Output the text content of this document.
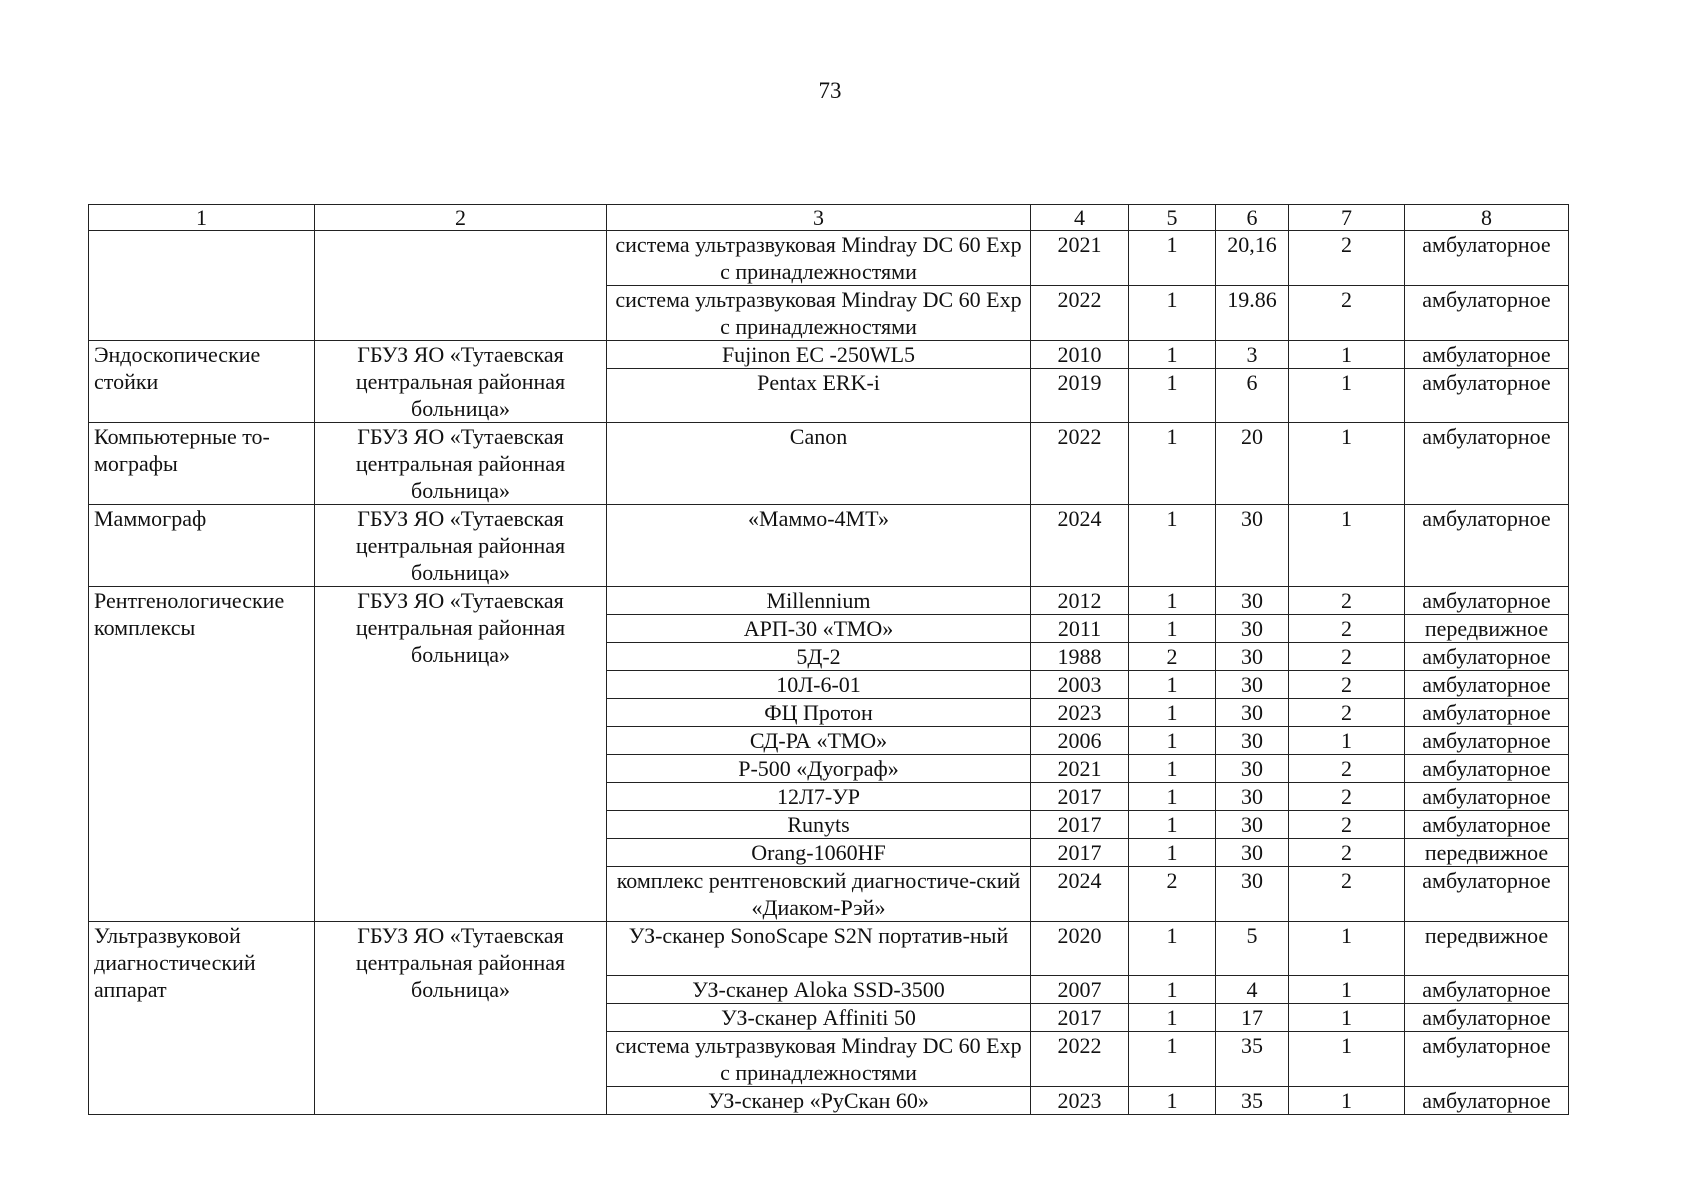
73
1	2	3	4	5	6	7	8
		система ультразвуковая Mindray DC 60 Exp с принадлежностями	2021	1	20,16	2	амбулаторное
		система ультразвуковая Mindray DC 60 Exp с принадлежностями	2022	1	19.86	2	амбулаторное
Эндоскопические стойки	ГБУЗ ЯО «Тутаевская центральная районная больница»	Fujinon EC -250WL5	2010	1	3	1	амбулаторное
		Pentax ERK-i	2019	1	6	1	амбулаторное
Компьютерные то-мографы	ГБУЗ ЯО «Тутаевская центральная районная больница»	Canon	2022	1	20	1	амбулаторное
Маммограф	ГБУЗ ЯО «Тутаевская центральная районная больница»	«Маммо-4МТ»	2024	1	30	1	амбулаторное
Рентгенологические комплексы	ГБУЗ ЯО «Тутаевская центральная районная больница»	Millennium	2012	1	30	2	амбулаторное
		АРП-30 «ТМО»	2011	1	30	2	передвижное
		5Д-2	1988	2	30	2	амбулаторное
		10Л-6-01	2003	1	30	2	амбулаторное
		ФЦ Протон	2023	1	30	2	амбулаторное
		СД-РА «ТМО»	2006	1	30	1	амбулаторное
		Р-500 «Дуограф»	2021	1	30	2	амбулаторное
		12Л7-УР	2017	1	30	2	амбулаторное
		Runyts	2017	1	30	2	амбулаторное
		Orang-1060HF	2017	1	30	2	передвижное
		комплекс рентгеновский диагностиче-ский «Диаком-Рэй»	2024	2	30	2	амбулаторное
Ультразвуковой диагностический аппарат	ГБУЗ ЯО «Тутаевская центральная районная больница»	УЗ-сканер SonoScape S2N портатив-ный	2020	1	5	1	передвижное
		УЗ-сканер Aloka SSD-3500	2007	1	4	1	амбулаторное
		УЗ-сканер Affiniti 50	2017	1	17	1	амбулаторное
		система ультразвуковая Mindray DC 60 Exp с принадлежностями	2022	1	35	1	амбулаторное
		УЗ-сканер «РуСкан 60»	2023	1	35	1	амбулаторное
